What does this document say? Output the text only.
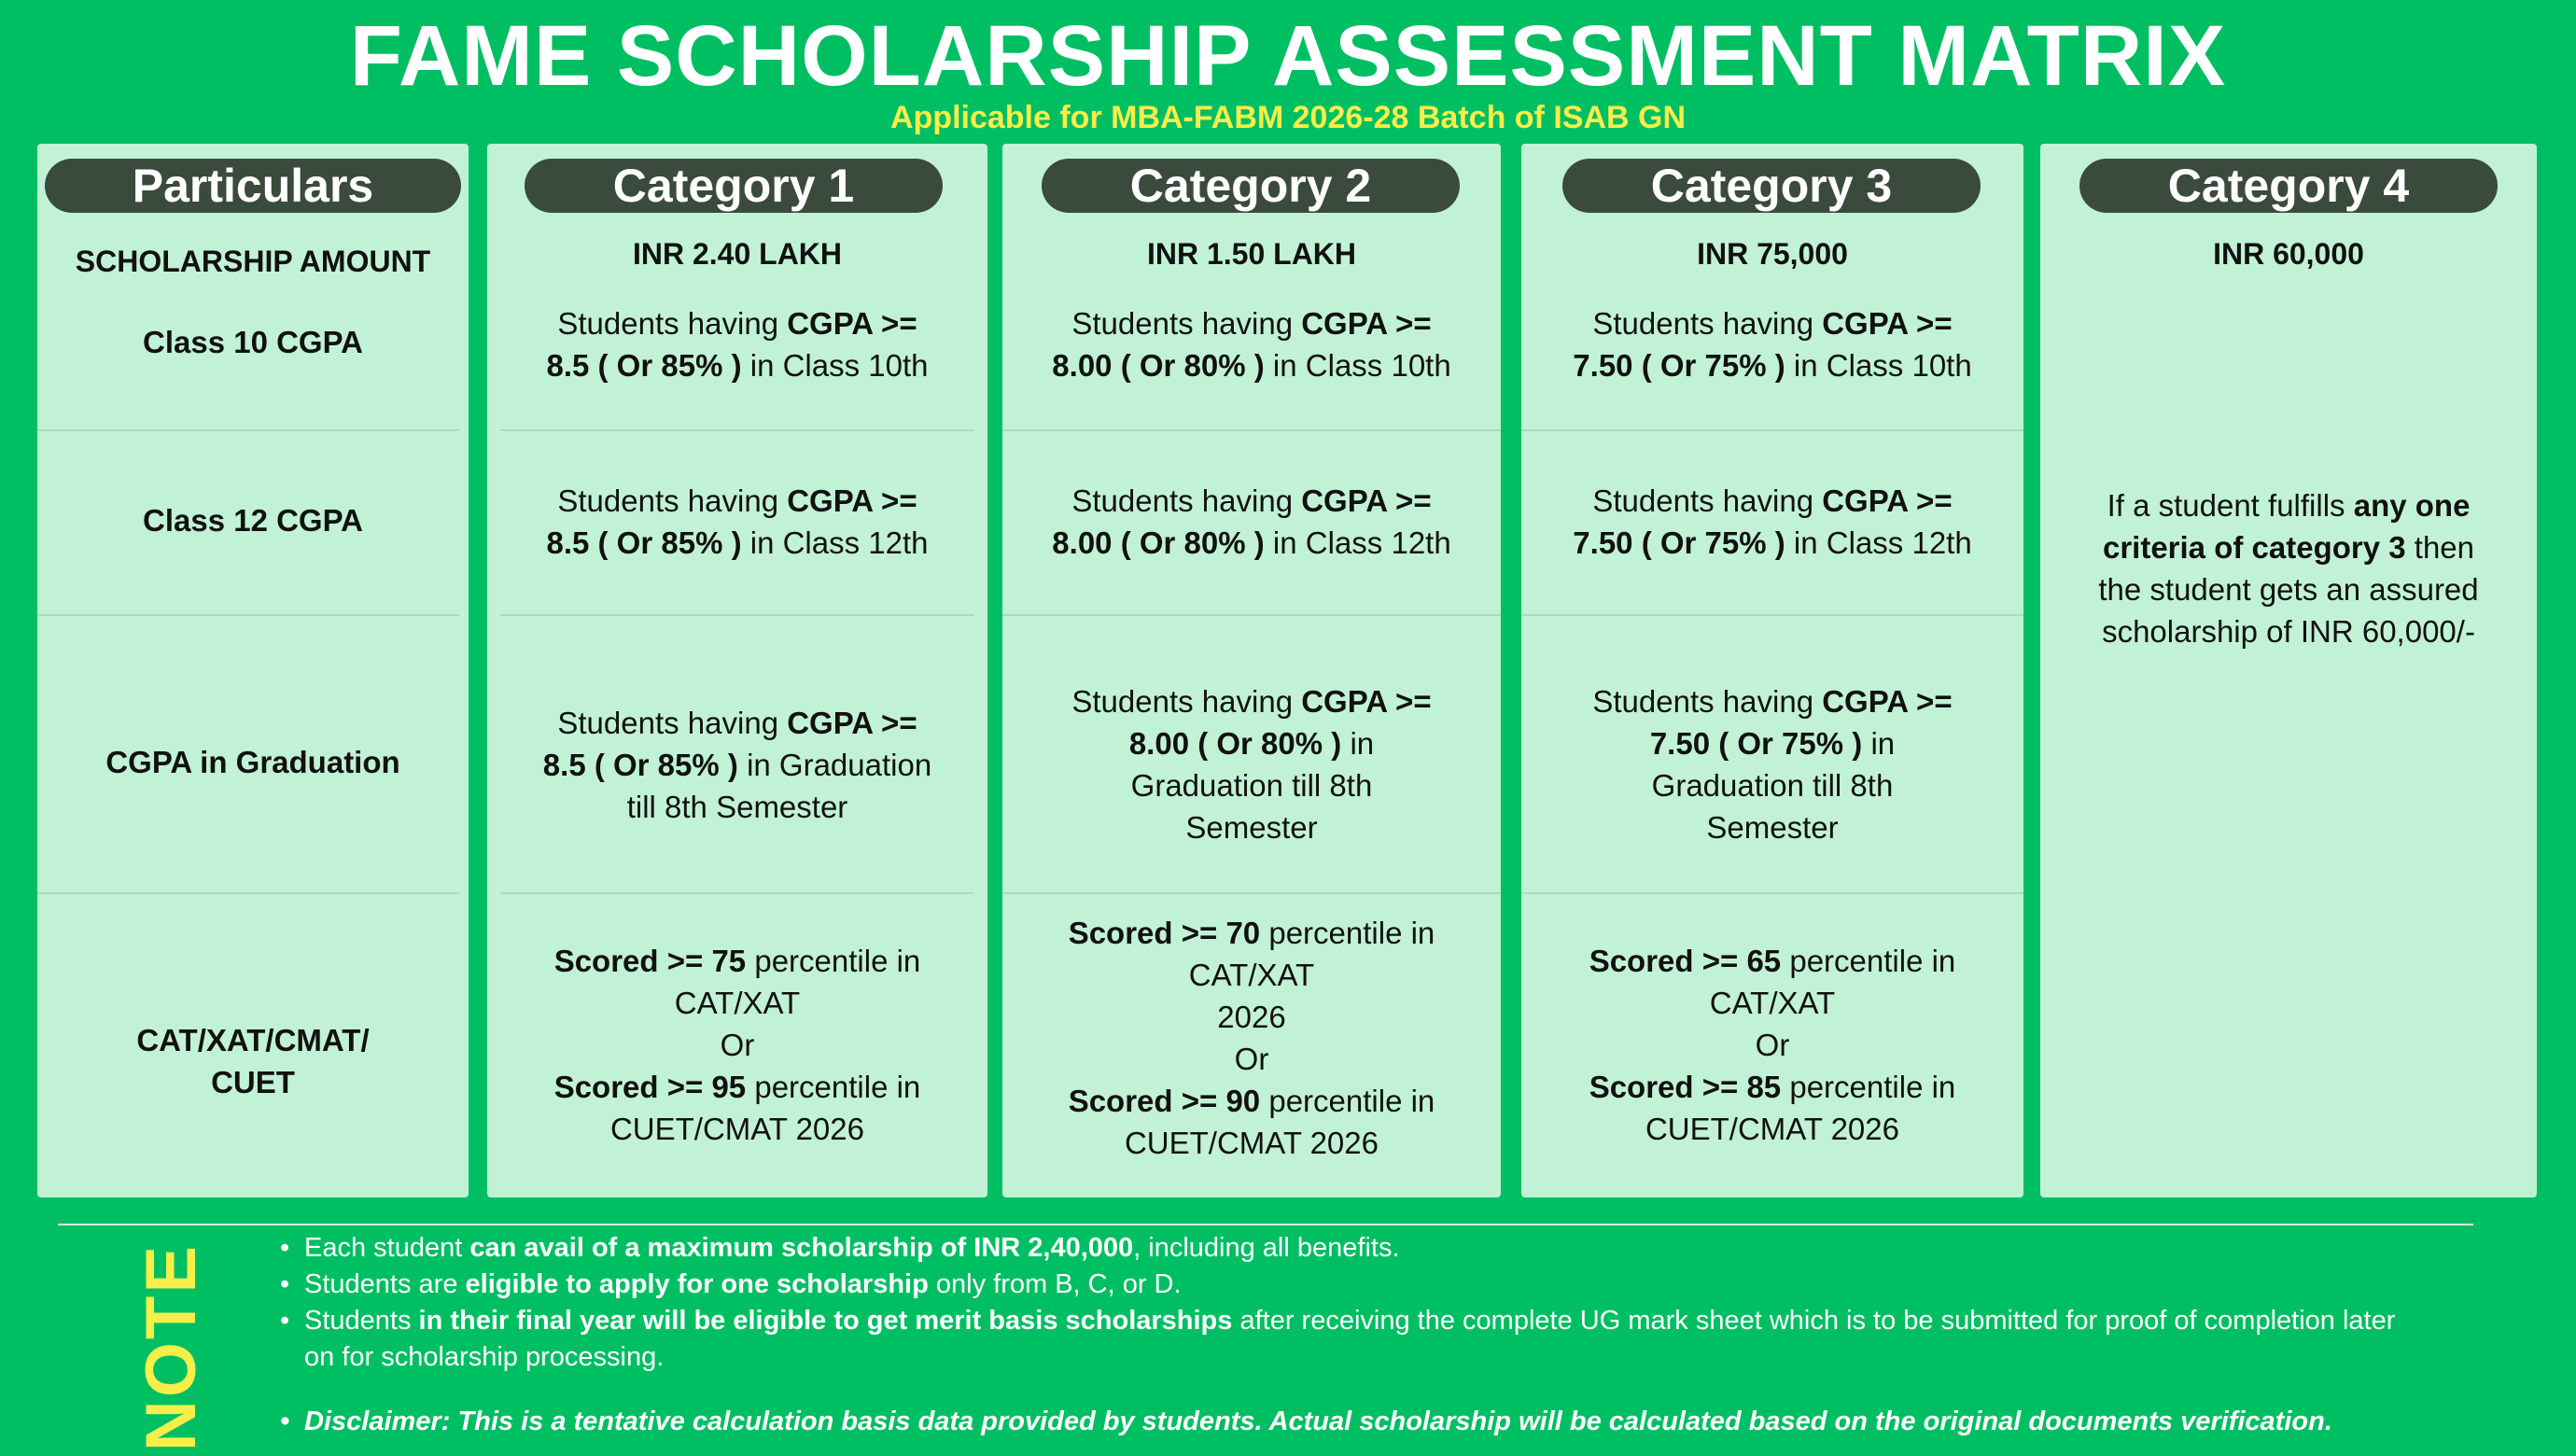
FAME SCHOLARSHIP ASSESSMENT MATRIX
Applicable for MBA-FABM 2026-28 Batch of ISAB GN
Particulars
SCHOLARSHIP AMOUNT
Class 10 CGPA
Class 12 CGPA
CGPA in Graduation
CAT/XAT/CMAT/
CUET
Category 1
INR 2.40 LAKH
Students having CGPA >=
8.5 ( Or 85% ) in Class 10th
Students having CGPA >=
8.5 ( Or 85% ) in Class 12th
Students having CGPA >=
8.5 ( Or 85% ) in Graduation
till 8th Semester
Scored >= 75 percentile in
CAT/XAT
Or
Scored >= 95 percentile in
CUET/CMAT 2026
Category 2
INR 1.50 LAKH
Students having CGPA >=
8.00 ( Or 80% ) in Class 10th
Students having CGPA >=
8.00 ( Or 80% ) in Class 12th
Students having CGPA >=
8.00 ( Or 80% ) in
Graduation till 8th
Semester
Scored >= 70 percentile in
CAT/XAT
2026
Or
Scored >= 90 percentile in
CUET/CMAT 2026
Category 3
INR 75,000
Students having CGPA >=
7.50 ( Or 75% ) in Class 10th
Students having CGPA >=
7.50 ( Or 75% ) in Class 12th
Students having CGPA >=
7.50 ( Or 75% ) in
Graduation till 8th
Semester
Scored >= 65 percentile in
CAT/XAT
Or
Scored >= 85 percentile in
CUET/CMAT 2026
Category 4
INR 60,000
If a student fulfills any one criteria of category 3 then the student gets an assured scholarship of INR 60,000/-
NOTE
•	Each student can avail of a maximum scholarship of INR 2,40,000, including all benefits.
• Students are eligible to apply for one scholarship only from B, C, or D.
• Students in their final year will be eligible to get merit basis scholarships after receiving the complete UG mark sheet which is to be submitted for proof of completion later on for scholarship processing.
• Disclaimer: This is a tentative calculation basis data provided by students. Actual scholarship will be calculated based on the original documents verification.
